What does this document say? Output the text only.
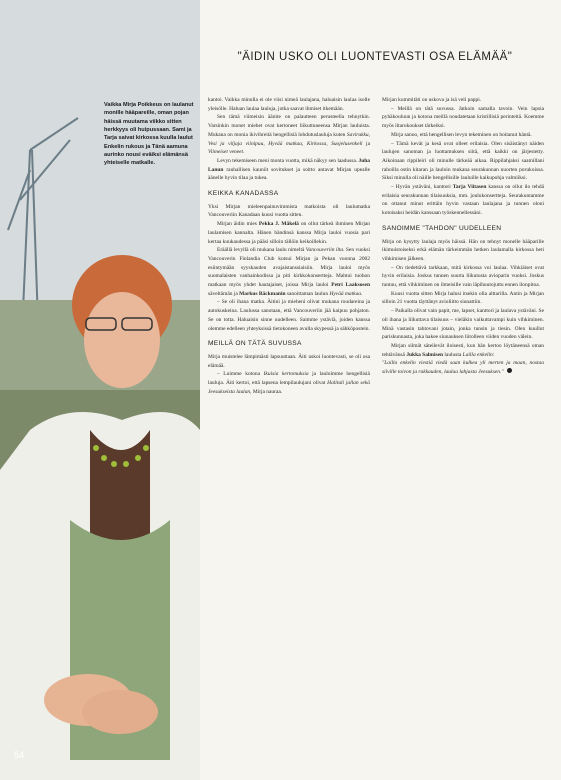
Vaikka Mirja Poikkeus on laulanut monille hääpareille, oman pojan häissä muutama viikko sitten herkkyys oli huipussaan. Sami ja Tarja saivat kirkossa kuulla laulut Enkelin rukous ja Tänä aamuna aurinko nousi eväiksi elämänsä yhteiselle matkalle.
54
"ÄIDIN USKO OLI LUONTEVASTI OSA ELÄMÄÄ"

kantoi. Vaikka minulla ei ole viisi nimeä laulajana, haluaisin laulaa isolle yleisölle. Haluan laulaa lauluja, jotka saavat ihmiset itkemään.

Sen tämä viimeisin äänite on palautteen perusteella tehnytkin. Varsinkin monet miehet ovat kertoneet liikuttuneensa Mirjan lauluista. Mukana on monia ikivihreitä hengellisiä lohdutuslauluja kuten Savirukku, Vesi ja viljaja viinipuu, Hyvää matkaa, Kirkossa, Suojelusenkeli ja Viimeiset veneet.

Levyn tekemiseen meni monta vuotta, mikä näkyy sen laadussa. Juha Lanun rauhallisen kauniit sovitukset ja soitto antavat Mirjan upealle äänelle hyvin tilaa ja tukea.

KEIKKA KANADASSA

Yksi Mirjan mieleenpainuvimmista matkoista oli laulumatka Vancouveriin Kanadaan kuusi vuotta sitten.

Mirjan äidin mies Pekka J. Mäkelä on ollut tärkeä ihminen Mirjan laulamisen kannalta. Hänen bändinsä kanssa Mirja lauloi vuosia pari kertaa kuukaudessa ja pääsi silloin tällöin keikoillekin.

Eräällä levyllä oli mukana laulu nimeltä Vancouveriin ilta. Sen vuoksi Vancouverin Finlandia Club kutsui Mirjan ja Pekan vuonna 2002 esiintymään syyskauden avajaistanssiaisiin. Mirja lauloi myös suomalaisten vanhainkodissa ja piti kirkkokonsertteja. Mahtui tuohon matkaan myös yhdet hautajaiset, joissa Mirja lauloi Petri Laaksosen säveltämän ja Markus Bäckmanin sanoittaman laulun Hyvää matkaa.

– Se oli ihana matka. Äitini ja mieheni olivat mukana roudareina ja autokuskeina. Laulussa sanotaan, että Vancouveriin jää kaipuu pohjaton. Se on totta. Haluaisin sinne uudelleen. Saimme ystäviä, joiden kanssa olemme edelleen yhteyksissä tietokoneen avulla skypessä ja sähköpostein.

MEILLÄ ON TÄTÄ SUVUSSA

Mirja muistelee lämpimästi lapsuuttaan. Äiti uskoi luontevasti, se oli osa elämää.

– Luimme kotona Ikuisia kertomuksia ja lauloimme hengellisiä lauluja. Äiti kertoi, että lapsena lempilaulujani olivat Halituli jallan sekä Jeesukseista laulan, Mirja nauraa.

Mirjan kummitäti on uskova ja isä veli pappi.

– Meillä on tätä suvussa. Jatkoin samalla tavoin. Vein lapsia pyhäkouluun ja kotona meillä noudatetaan kristillisiä perinteitä. Koemme myös iltarukoukset tärkeiksi.

Mirja sanoo, että hengellisen levyn tekeminen on hoitanut häntä.

– Tämä kevät ja kesä ovat olleet erilaisia. Olen sisäistänyt näiden laulujen sanoman ja luottamuksen siitä, että kaikki on järjestetty. Aikoinaan rippileiri oli minulle tärkeää aikaa. Rippilahjaksi saamillani rahoilla ostin kitaran ja lauloin mukana seurakunnan nuorten porukoissa. Siksi minulla oli näille hengellisille lauluille kaikupohja valmiiksi.

– Hyvän ystäväni, kanttori Tarja Viitasen kanssa on ollut ilo tehdä erilaisia seurakunnan tilaisuuksia, mm. joulukonsertteja. Seurakuntamme on ottanut minut erittäin hyvin vastaan laulajana ja tunnen oloni kotoisaksi heidän kanssaan työskennellessäni.

SANOIMME "TAHDON" UUDELLEEN

Mirja on kysytty laulaja myös häissä. Hän on tehnyt monelle hääparille ikimuistoiseksi erkä elämän tärkeimmän hetken laulamalla kirkossa heti vihkimisen jälkeen.

– On tiedettävä tarkkaan, mitä kirkossa voi laulaa. Vihkiäiset ovat hyvin erilaisia. Joskus tunnen suurta liikutusta avioparin vuoksi. Joskus tuntuu, että vihkiminen on ilmeisille vain läpihuutojuttu ennen ilonpitoa.

Kuusi vuotta sitten Mirja halusi itsekin olla alttarilla. Antin ja Mirjan silloin 21 vuotta täyttänyt avioliitto siunattiin.

– Paikalla olivat vain papit, me, lapset, kanttori ja laulava ystäväni. Se oli ihana ja liikuttava tilaisuus – vieläkin vaikuttavampi kuin vihkiminen. Minä vastasin tahtovani jotain, jonka tunsin ja tiesin. Olen kuullut pariskunnasta, joka hakee siunauksen liitolleen viiden vuoden välein.

Mirjan silmät säteilevät iloisesti, kun hän kertoo löytäneensä oman tehtävänsä Jukka Salmisen laulusta Lailla enkelin:

"Lailla enkelin viestiä viedä saan kulkea yli merten ja maan, nostaa siiville toivon ja rakkauden, laulaa lahjasta Jeesuksen."
